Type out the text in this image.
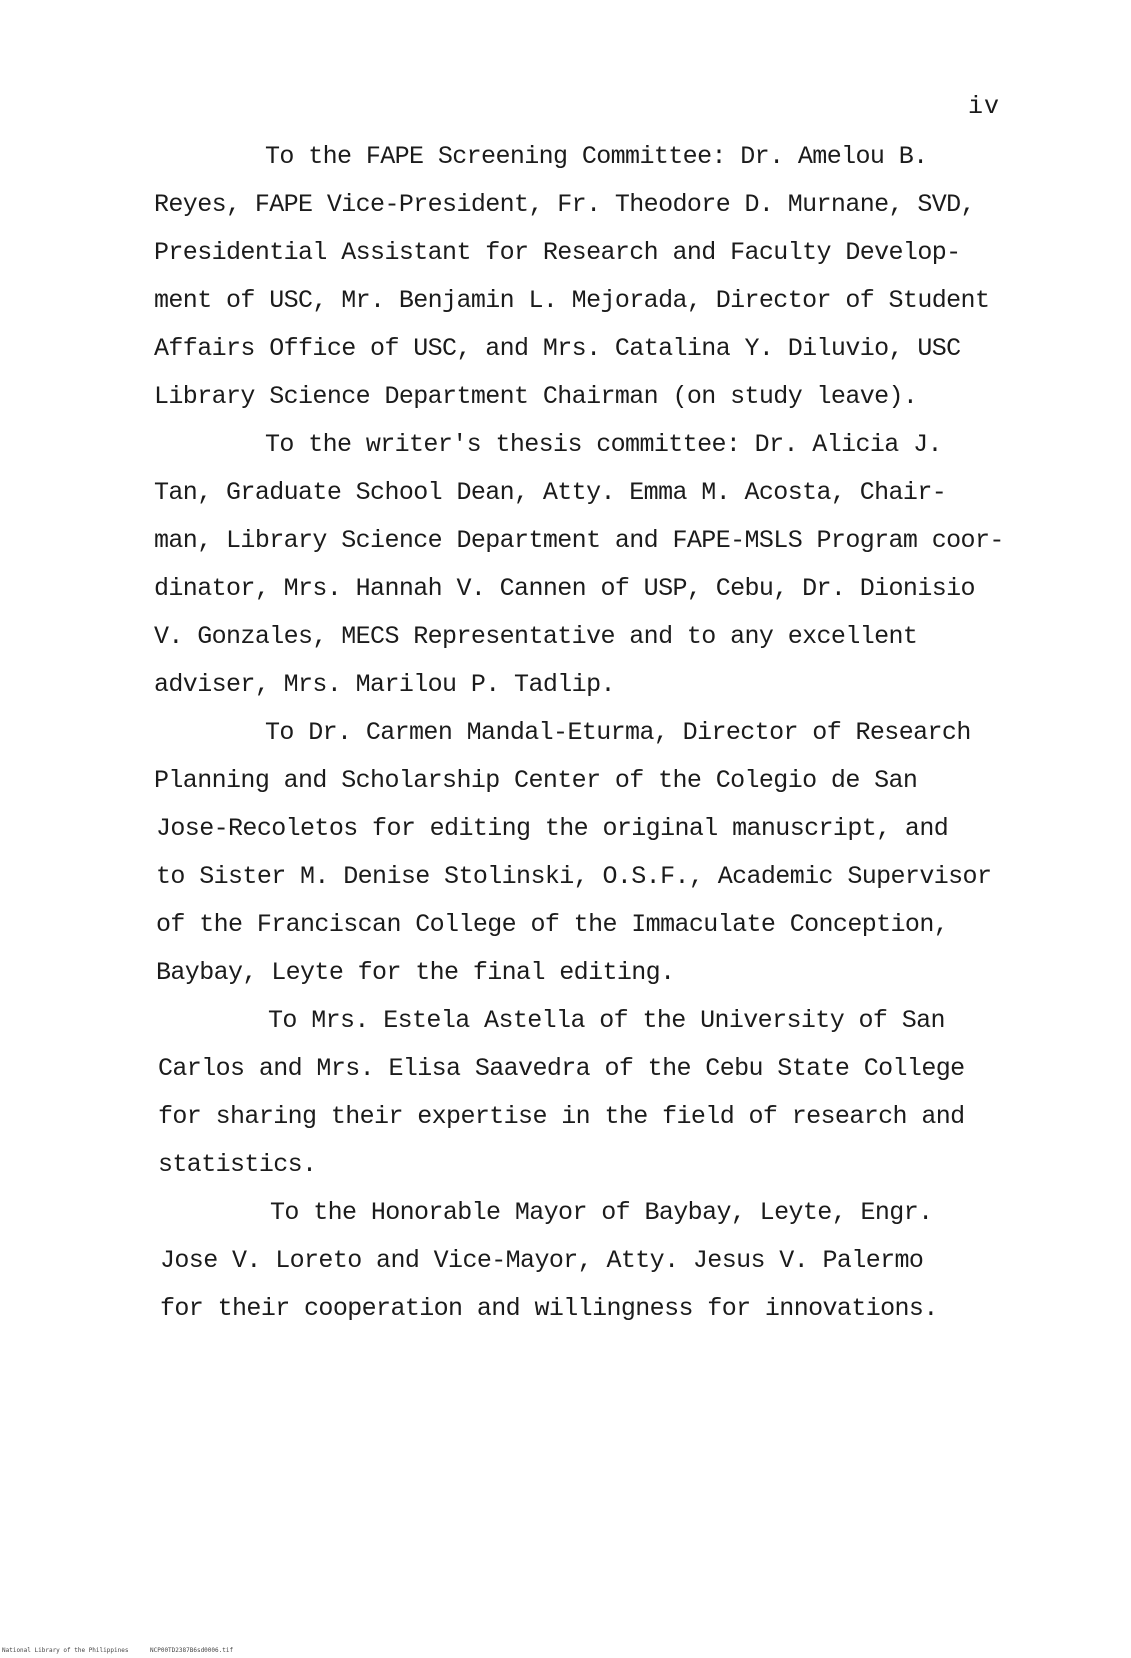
iv
To the FAPE Screening Committee: Dr. Amelou B.
Reyes, FAPE Vice-President, Fr. Theodore D. Murnane, SVD,
Presidential Assistant for Research and Faculty Develop-
ment of USC, Mr. Benjamin L. Mejorada, Director of Student
Affairs Office of USC, and Mrs. Catalina Y. Diluvio, USC
Library Science Department Chairman (on study leave).
To the writer's thesis committee: Dr. Alicia J.
Tan, Graduate School Dean, Atty. Emma M. Acosta, Chair-
man, Library Science Department and FAPE-MSLS Program coor-
dinator, Mrs. Hannah V. Cannen of USP, Cebu, Dr. Dionisio
V. Gonzales, MECS Representative and to any excellent
adviser, Mrs. Marilou P. Tadlip.
To Dr. Carmen Mandal-Eturma, Director of Research
Planning and Scholarship Center of the Colegio de San
Jose-Recoletos for editing the original manuscript, and
to Sister M. Denise Stolinski, O.S.F., Academic Supervisor
of the Franciscan College of the Immaculate Conception,
Baybay, Leyte for the final editing.
To Mrs. Estela Astella of the University of San
Carlos and Mrs. Elisa Saavedra of the Cebu State College
for sharing their expertise in the field of research and
statistics.
To the Honorable Mayor of Baybay, Leyte, Engr.
Jose V. Loreto and Vice-Mayor, Atty. Jesus V. Palermo
for their cooperation and willingness for innovations.
National Library of the Philippines	NCP00TD2387B6sd0006.tif
